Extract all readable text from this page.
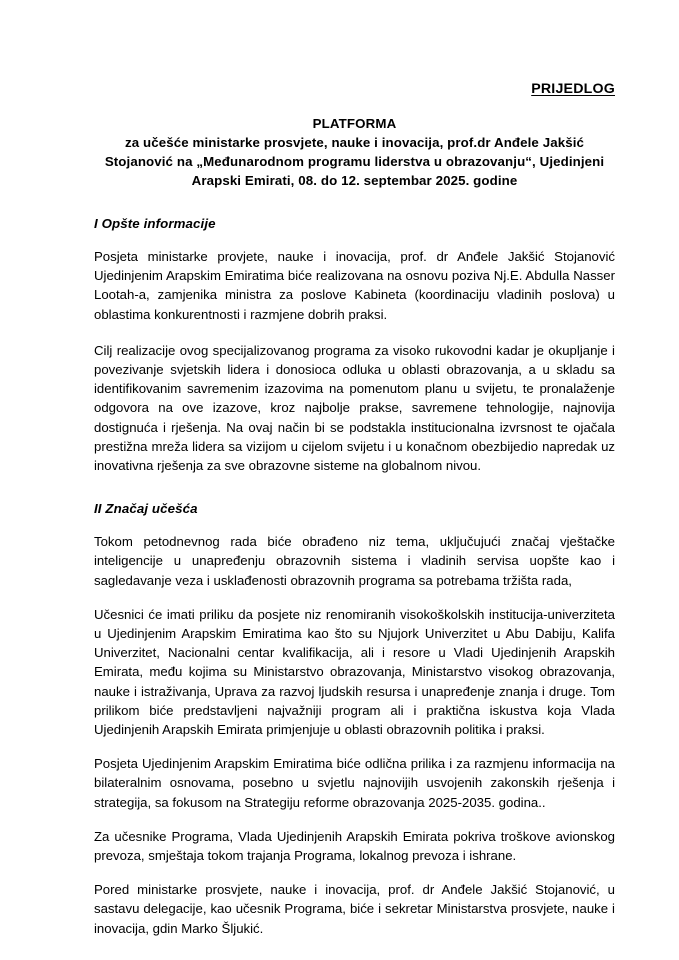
PRIJEDLOG
PLATFORMA
za učešće ministarke prosvjete, nauke i inovacija, prof.dr Anđele Jakšić Stojanović na „Međunarodnom programu liderstva u obrazovanju“, Ujedinjeni Arapski Emirati, 08. do 12. septembar 2025. godine
I Opšte informacije

Posjeta ministarke provjete, nauke i inovacija, prof. dr Anđele Jakšić Stojanović Ujedinjenim Arapskim Emiratima biće realizovana na osnovu poziva Nj.E. Abdulla Nasser Lootah-a, zamjenika ministra za poslove Kabineta (koordinaciju vladinih poslova) u oblastima konkurentnosti i razmjene dobrih praksi.

Cilj realizacije ovog specijalizovanog programa za visoko rukovodni kadar je okupljanje i povezivanje svjetskih lidera i donosioca odluka u oblasti obrazovanja, a u skladu sa identifikovanim savremenim izazovima na pomenutom planu u svijetu, te pronalaženje odgovora na ove izazove, kroz najbolje prakse, savremene tehnologije, najnovija dostignuća i rješenja. Na ovaj način bi se podstakla institucionalna izvrsnost te ojačala prestižna mreža lidera sa vizijom u cijelom svijetu i u konačnom obezbijedio napredak uz inovativna rješenja za sve obrazovne sisteme na globalnom nivou.

II Značaj učešća

Tokom petodnevnog rada biće obrađeno niz tema, uključujući značaj vještačke inteligencije u unapređenju obrazovnih sistema i vladinih servisa uopšte kao i sagledavanje veza i usklađenosti obrazovnih programa sa potrebama tržišta rada,

Učesnici će imati priliku da posjete niz renomiranih visokoškolskih institucija-univerziteta u Ujedinjenim Arapskim Emiratima kao što su Njujork Univerzitet u Abu Dabiju, Kalifa Univerzitet, Nacionalni centar kvalifikacija, ali i resore u Vladi Ujedinjenih Arapskih Emirata, među kojima su Ministarstvo obrazovanja, Ministarstvo visokog obrazovanja, nauke i istraživanja, Uprava za razvoj ljudskih resursa i unapređenje znanja i druge. Tom prilikom biće predstavljeni najvažniji program ali i praktična iskustva koja Vlada Ujedinjenih Arapskih Emirata primjenjuje u oblasti obrazovnih politika i praksi.

Posjeta Ujedinjenim Arapskim Emiratima biće odlična prilika i za razmjenu informacija na bilateralnim osnovama, posebno u svjetlu najnovijih usvojenih zakonskih rješenja i strategija, sa fokusom na Strategiju reforme obrazovanja 2025-2035. godina..

Za učesnike Programa, Vlada Ujedinjenih Arapskih Emirata pokriva troškove avionskog prevoza, smještaja tokom trajanja Programa, lokalnog prevoza i ishrane.

Pored ministarke prosvjete, nauke i inovacija, prof. dr Anđele Jakšić Stojanović, u sastavu delegacije, kao učesnik Programa, biće i sekretar Ministarstva prosvjete, nauke i inovacija, gdin Marko Šljukić.
